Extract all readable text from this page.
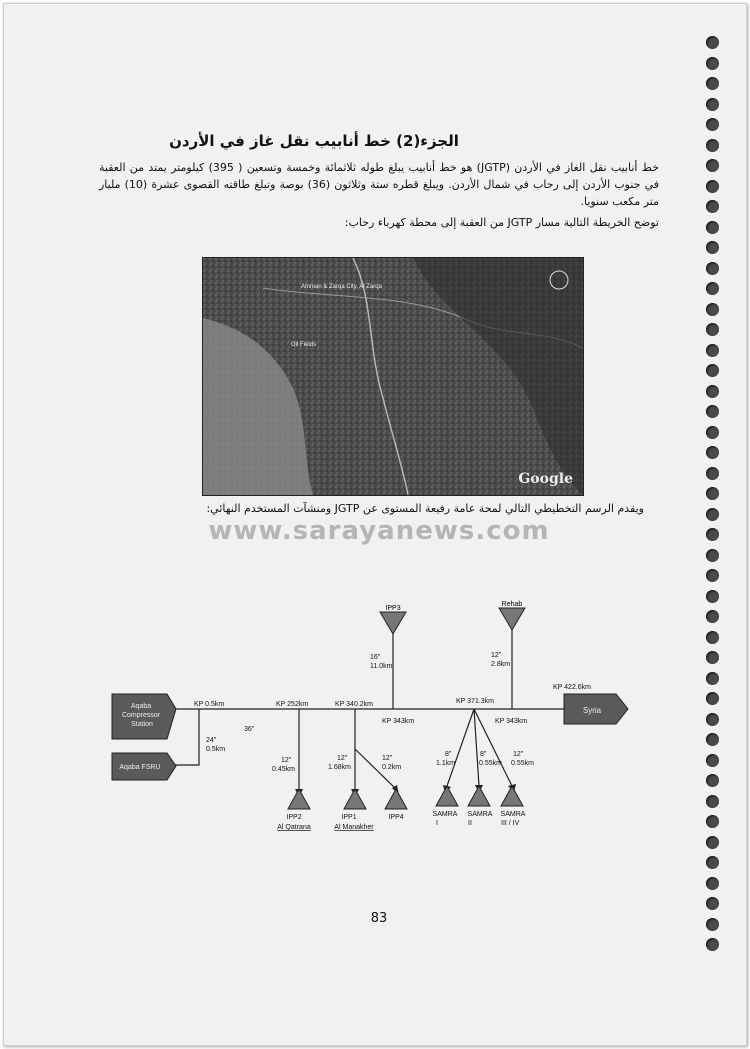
الجزء(2) خط أنابيب نقل غاز في الأردن
خط أنابيب نقل الغاز في الأردن (JGTP) هو خط أنابيب يبلغ طوله ثلاثمائة وخمسة وتسعين ( 395) كيلومتر يمتد من العقبة في جنوب الأردن إلى رحاب في شمال الأردن. ويبلغ قطره ستة وثلاثون (36) بوصة وتبلغ طاقته القصوى عشرة (10) مليار متر مكعب سنويا.
توضح الخريطة التالية مسار JGTP من العقبة إلى محطة كهرباء رحاب:
Amman & Zarqa City, Al Zarqa
Oil Fields
Google
ويقدم الرسم التخطيطي التالي لمحة عامة رفيعة المستوى عن JGTP ومنشآت المستخدم النهائي:
www.sarayanews.com
Aqaba Compressor Station
Aqaba FSRU
Syria
IPP3
Rehab
KP 0.5km	KP 252km	KP 340.2km
KP 343km
KP 371.3km
KP 343km
KP 422.6km
36"
24"
0.5km
16"
11.0km
12"
2.8km
12"
0.45km
12"
1.68km
12"
0.2km
8"
1.1km
8"
0.55km
12"
0.55km
IPP2
Al Qatrana
IPP1
Al Manakher
IPP4	SAMRA
I
SAMRA
II
SAMRA
III / IV
83
